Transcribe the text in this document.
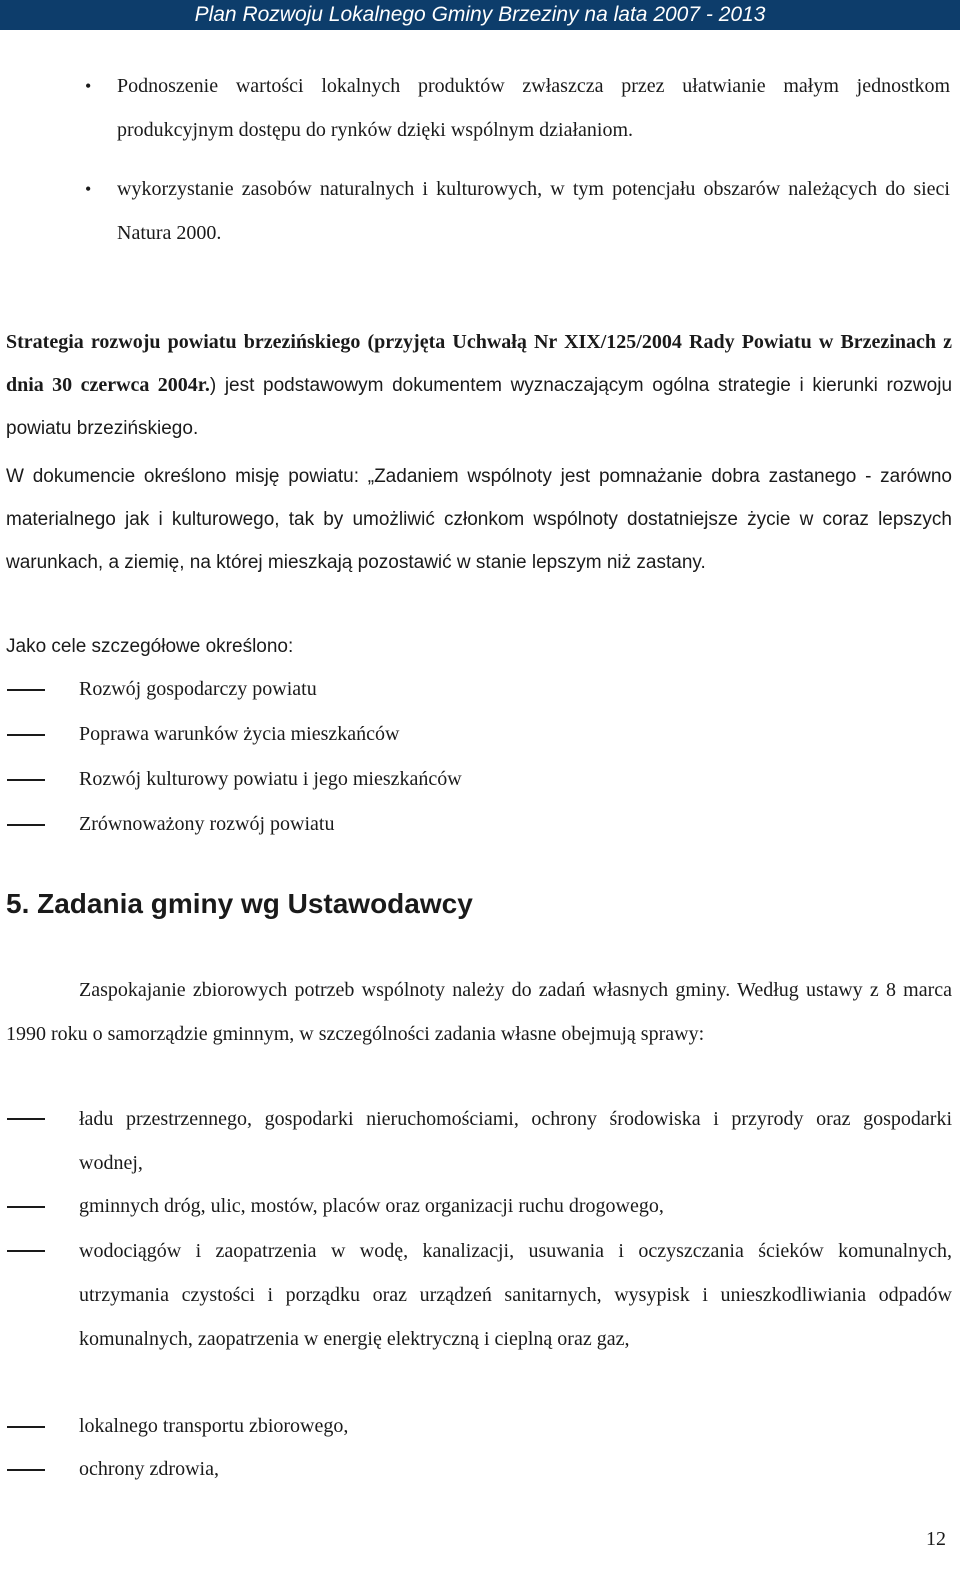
Plan Rozwoju Lokalnego Gminy Brzeziny na lata 2007 - 2013
• Podnoszenie wartości lokalnych produktów zwłaszcza przez ułatwianie małym jednostkom produkcyjnym dostępu do rynków dzięki wspólnym działaniom.
• wykorzystanie zasobów naturalnych i kulturowych, w tym potencjału obszarów należących do sieci Natura 2000.
Strategia rozwoju powiatu brzezińskiego (przyjęta Uchwałą Nr XIX/125/2004 Rady Powiatu w Brzezinach z dnia 30 czerwca 2004r.) jest podstawowym dokumentem wyznaczającym ogólna strategie i kierunki rozwoju powiatu brzezińskiego.
W dokumencie określono misję powiatu: „Zadaniem wspólnoty jest pomnażanie dobra zastanego - zarówno materialnego jak i kulturowego, tak by umożliwić członkom wspólnoty dostatniejsze życie w coraz lepszych warunkach, a ziemię, na której mieszkają pozostawić w stanie lepszym niż zastany.
Jako cele szczegółowe określono:
Rozwój gospodarczy powiatu
Poprawa warunków życia mieszkańców
Rozwój kulturowy powiatu i jego mieszkańców
Zrównoważony rozwój powiatu
5. Zadania gminy wg Ustawodawcy
Zaspokajanie zbiorowych potrzeb wspólnoty należy do zadań własnych gminy. Według ustawy z 8 marca 1990 roku o samorządzie gminnym, w szczególności zadania własne obejmują sprawy:
ładu przestrzennego, gospodarki nieruchomościami, ochrony środowiska i przyrody oraz gospodarki wodnej,
gminnych dróg, ulic, mostów, placów oraz organizacji ruchu drogowego,
wodociągów i zaopatrzenia w wodę, kanalizacji, usuwania i oczyszczania ścieków komunalnych, utrzymania czystości i porządku oraz urządzeń sanitarnych, wysypisk i unieszkodliwiania odpadów komunalnych, zaopatrzenia w energię elektryczną i cieplną oraz gaz,
lokalnego transportu zbiorowego,
ochrony zdrowia,
12
